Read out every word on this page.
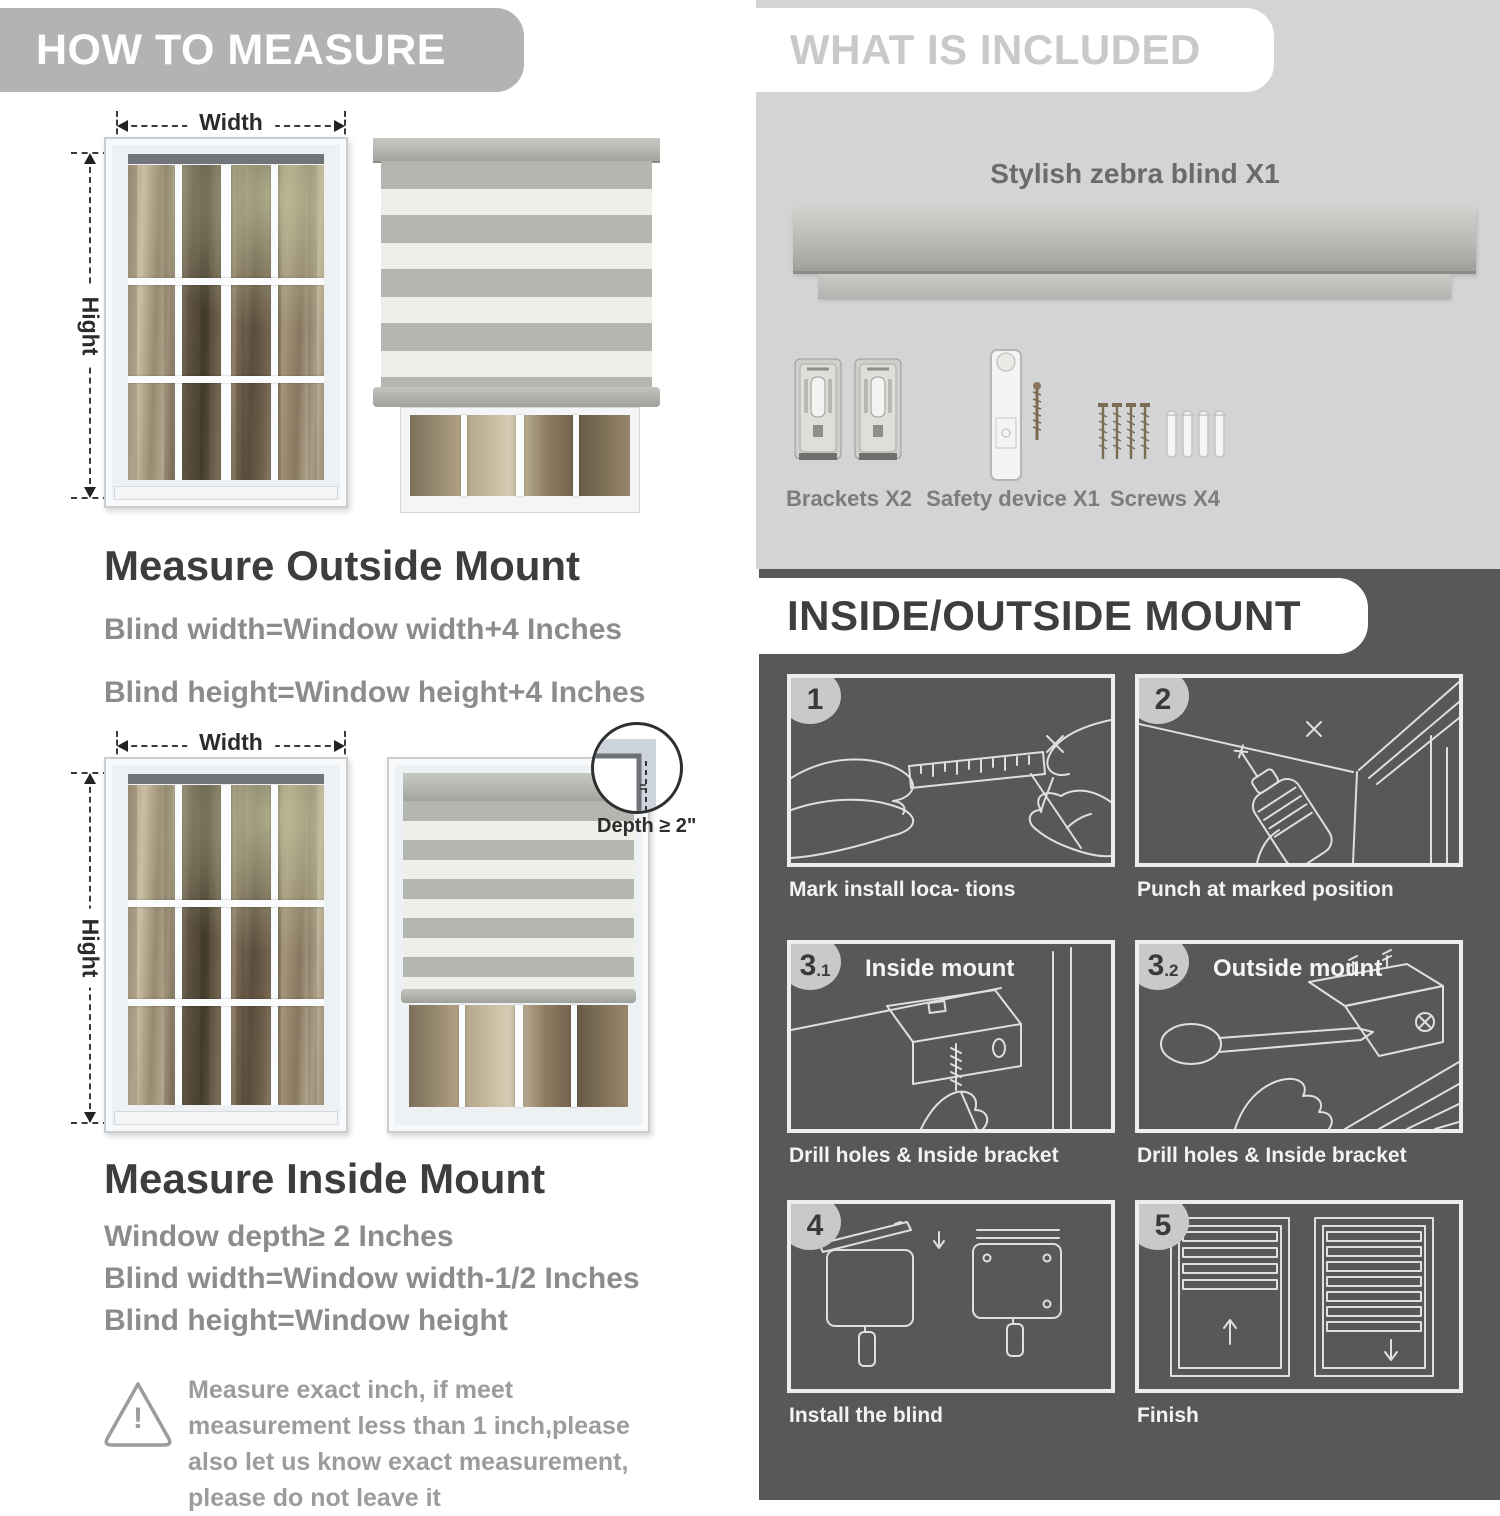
HOW TO MEASURE
Width
Hight
Measure Outside Mount
Blind width=Window width+4 Inches
Blind height=Window height+4 Inches
Width
Hight
Depth ≥ 2"
Measure Inside Mount
Window depth≥ 2 Inches
Blind width=Window width-1/2 Inches
Blind height=Window height
!
Measure exact inch, if meet measurement less than 1 inch,please also let us know exact measurement, please do not leave it
WHAT IS INCLUDED
Stylish zebra blind X1
Brackets X2 Safety device X1 Screws X4
INSIDE/OUTSIDE MOUNT
1
Mark install loca- tions
2
Punch at marked position
3 .1 Inside mount
Drill holes & Inside bracket
3 .2 Outside mount
Drill holes & Inside bracket
4
Install the blind
5
Finish
